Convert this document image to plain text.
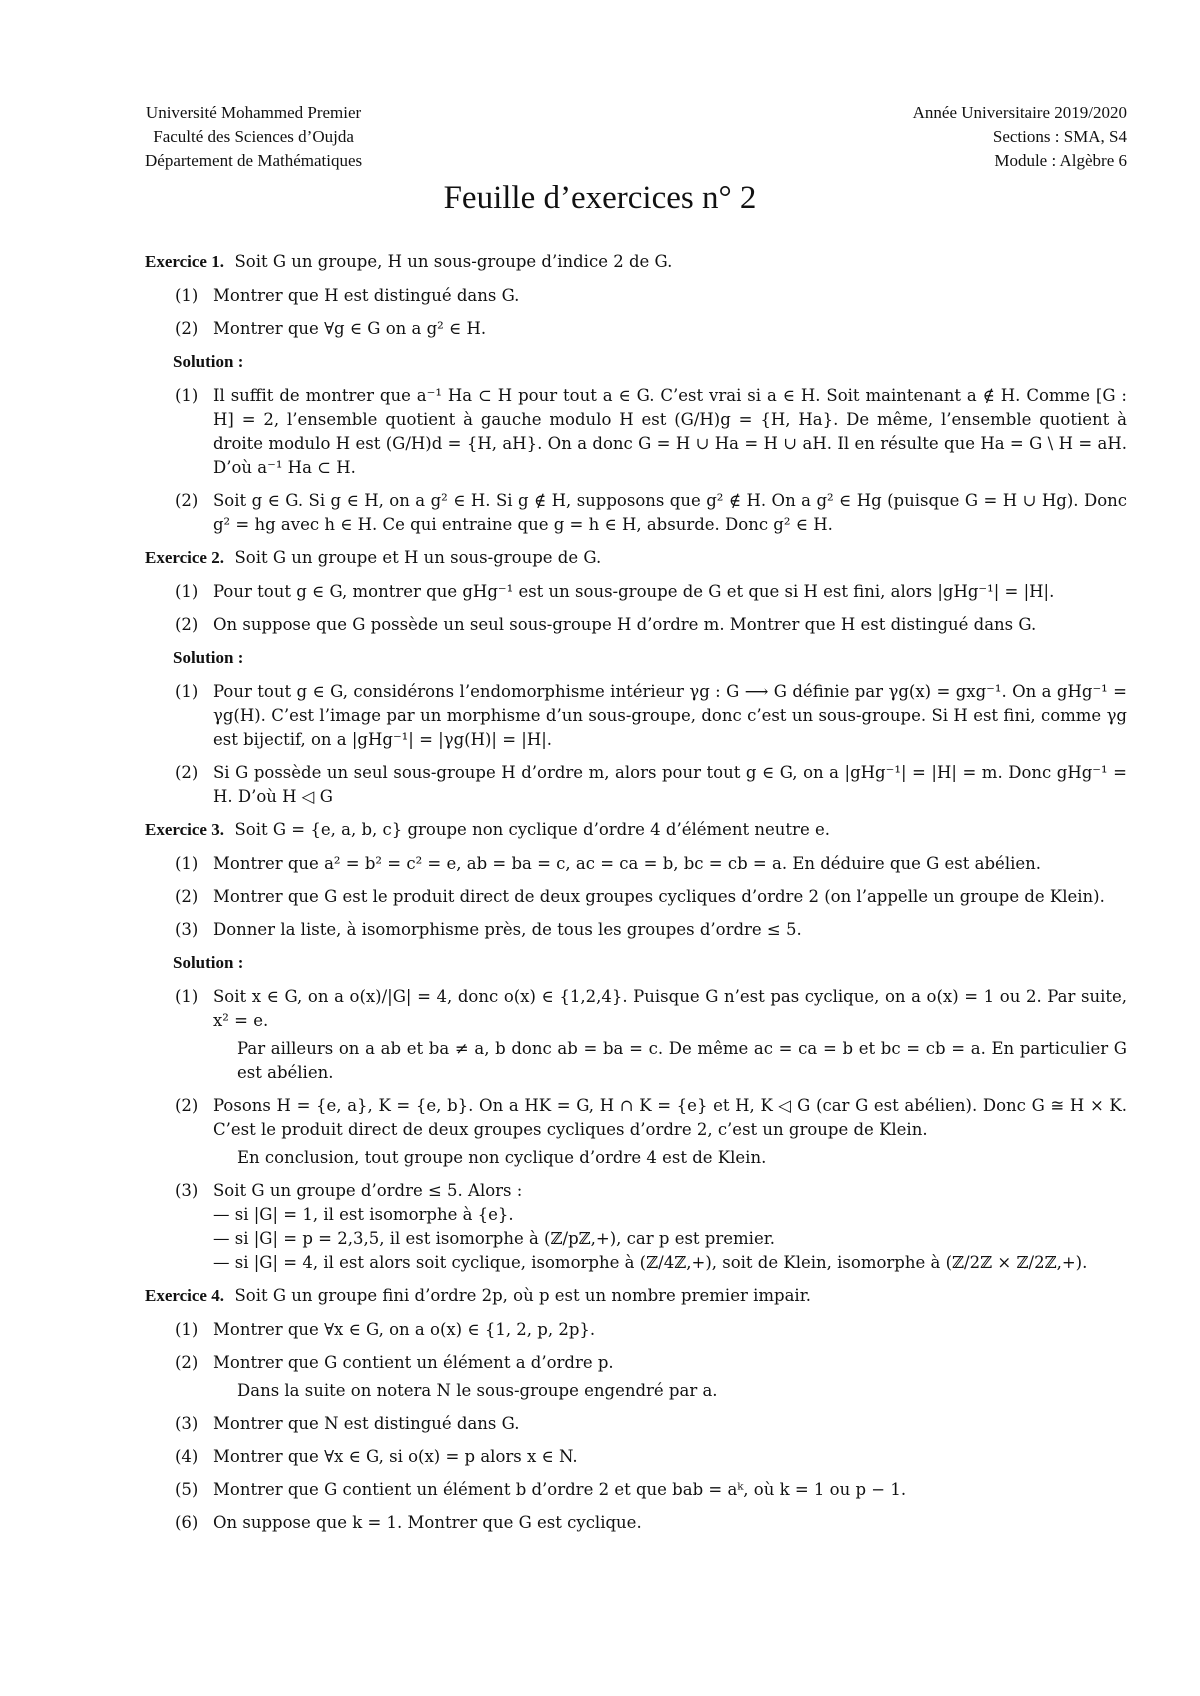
Université Mohammed Premier
Faculté des Sciences d’Oujda
Département de Mathématiques
Année Universitaire 2019/2020
Sections : SMA, S4
Module : Algèbre 6
Feuille d’exercices n° 2
Exercice 1. Soit G un groupe, H un sous-groupe d’indice 2 de G.
(1) Montrer que H est distingué dans G.
(2) Montrer que ∀g ∈ G on a g² ∈ H.
Solution :
(1) Il suffit de montrer que a⁻¹ Ha ⊂ H pour tout a ∈ G. C’est vrai si a ∈ H. Soit maintenant a ∉ H. Comme [G : H] = 2, l’ensemble quotient à gauche modulo H est (G/H)g = {H, Ha}. De même, l’ensemble quotient à droite modulo H est (G/H)d = {H, aH}. On a donc G = H ∪ Ha = H ∪ aH. Il en résulte que Ha = G \ H = aH. D’où a⁻¹ Ha ⊂ H.
(2) Soit g ∈ G. Si g ∈ H, on a g² ∈ H. Si g ∉ H, supposons que g² ∉ H. On a g² ∈ Hg (puisque G = H ∪ Hg). Donc g² = hg avec h ∈ H. Ce qui entraine que g = h ∈ H, absurde. Donc g² ∈ H.
Exercice 2. Soit G un groupe et H un sous-groupe de G.
(1) Pour tout g ∈ G, montrer que gHg⁻¹ est un sous-groupe de G et que si H est fini, alors |gHg⁻¹| = |H|.
(2) On suppose que G possède un seul sous-groupe H d’ordre m. Montrer que H est distingué dans G.
Solution :
(1) Pour tout g ∈ G, considérons l’endomorphisme intérieur γg : G ⟶ G définie par γg(x) = gxg⁻¹. On a gHg⁻¹ = γg(H). C’est l’image par un morphisme d’un sous-groupe, donc c’est un sous-groupe. Si H est fini, comme γg est bijectif, on a |gHg⁻¹| = |γg(H)| = |H|.
(2) Si G possède un seul sous-groupe H d’ordre m, alors pour tout g ∈ G, on a |gHg⁻¹| = |H| = m. Donc gHg⁻¹ = H. D’où H ◁ G
Exercice 3. Soit G = {e, a, b, c} groupe non cyclique d’ordre 4 d’élément neutre e.
(1) Montrer que a² = b² = c² = e, ab = ba = c, ac = ca = b, bc = cb = a. En déduire que G est abélien.
(2) Montrer que G est le produit direct de deux groupes cycliques d’ordre 2 (on l’appelle un groupe de Klein).
(3) Donner la liste, à isomorphisme près, de tous les groupes d’ordre ≤ 5.
Solution :
(1) Soit x ∈ G, on a o(x)/|G| = 4, donc o(x) ∈ {1,2,4}. Puisque G n’est pas cyclique, on a o(x) = 1 ou 2. Par suite, x² = e.
Par ailleurs on a ab et ba ≠ a, b donc ab = ba = c. De même ac = ca = b et bc = cb = a. En particulier G est abélien.
(2) Posons H = {e, a}, K = {e, b}. On a HK = G, H ∩ K = {e} et H, K ◁ G (car G est abélien). Donc G ≅ H × K. C’est le produit direct de deux groupes cycliques d’ordre 2, c’est un groupe de Klein.
En conclusion, tout groupe non cyclique d’ordre 4 est de Klein.
(3) Soit G un groupe d’ordre ≤ 5. Alors :
— si |G| = 1, il est isomorphe à {e}.
— si |G| = p = 2,3,5, il est isomorphe à (ℤ/pℤ,+), car p est premier.
— si |G| = 4, il est alors soit cyclique, isomorphe à (ℤ/4ℤ,+), soit de Klein, isomorphe à (ℤ/2ℤ × ℤ/2ℤ,+).
Exercice 4. Soit G un groupe fini d’ordre 2p, où p est un nombre premier impair.
(1) Montrer que ∀x ∈ G, on a o(x) ∈ {1, 2, p, 2p}.
(2) Montrer que G contient un élément a d’ordre p.
Dans la suite on notera N le sous-groupe engendré par a.
(3) Montrer que N est distingué dans G.
(4) Montrer que ∀x ∈ G, si o(x) = p alors x ∈ N.
(5) Montrer que G contient un élément b d’ordre 2 et que bab = aᵏ, où k = 1 ou p − 1.
(6) On suppose que k = 1. Montrer que G est cyclique.
